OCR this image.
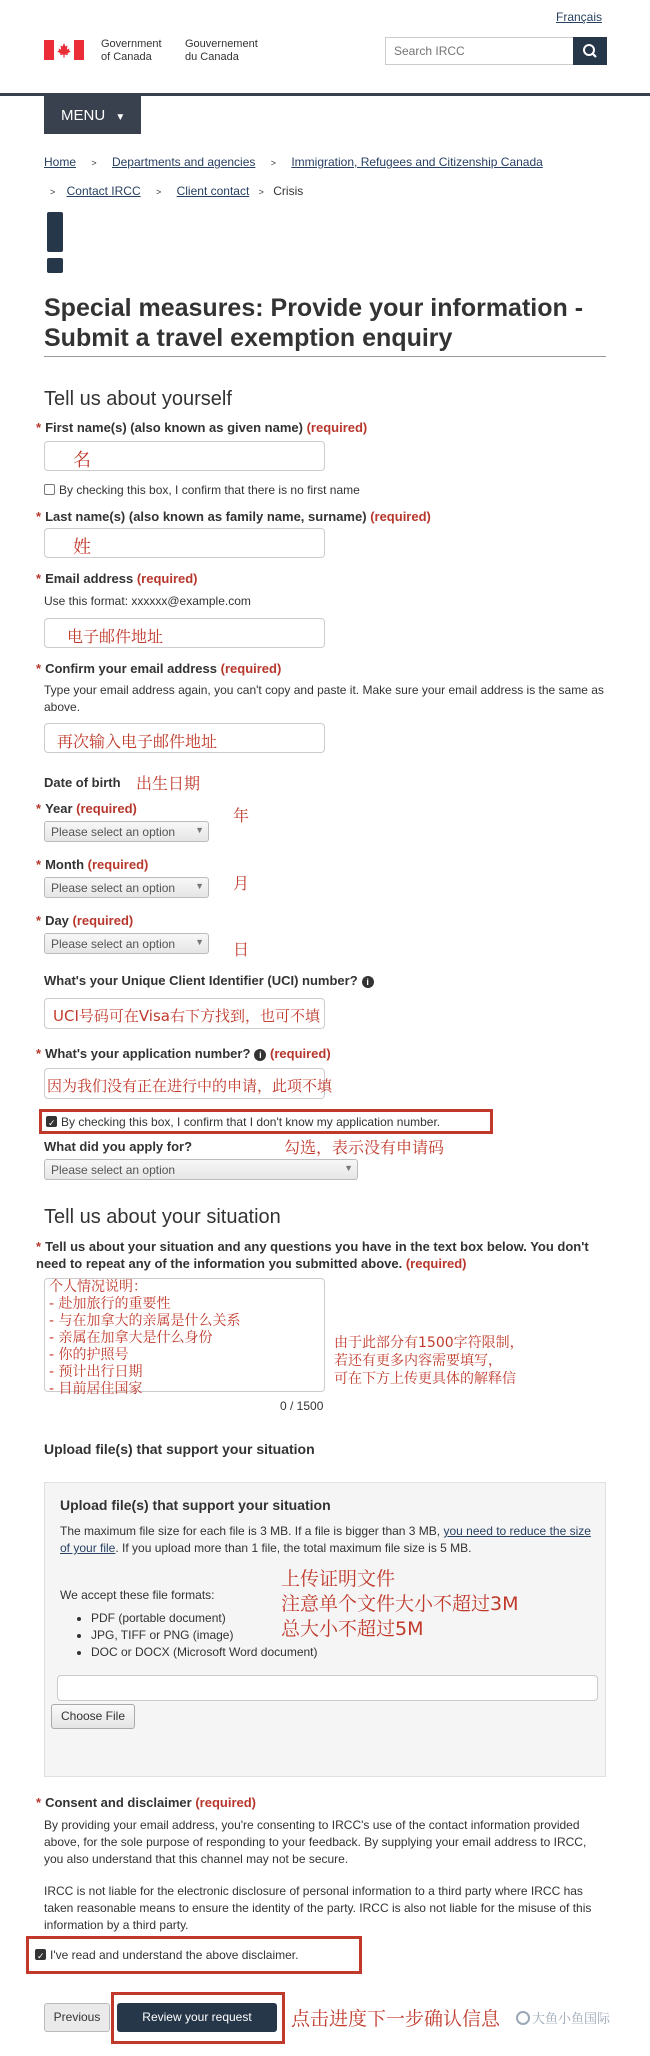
Français
Government
of Canada
Gouvernement
du Canada
Search IRCC
MENU ▼
Home > Departments and agencies > Immigration, Refugees and Citizenship Canada
> Contact IRCC > Client contact > Crisis
Special measures: Provide your information -
Submit a travel exemption enquiry
Tell us about yourself
* First name(s) (also known as given name) (required)
名
By checking this box, I confirm that there is no first name
* Last name(s) (also known as family name, surname) (required)
姓
* Email address (required)
Use this format: xxxxxx@example.com
电子邮件地址
* Confirm your email address (required)
Type your email address again, you can't copy and paste it. Make sure your email address is the same as above.
再次输入电子邮件地址
Date of birth 出生日期
* Year (required)
Please select an option ▼
年
* Month (required)
Please select an option ▼ 月
* Day (required)
Please select an option ▼ 日
What's your Unique Client Identifier (UCI) number? i
UCI号码可在Visa右下方找到，也可不填
* What's your application number? i (required)
因为我们没有正在进行中的申请，此项不填
✓By checking this box, I confirm that I don't know my application number.
What did you apply for?	勾选，表示没有申请码
Please select an option	▼
Tell us about your situation
* Tell us about your situation and any questions you have in the text box below. You don't need to repeat any of the information you submitted above. (required)
个人情况说明：
- 赴加旅行的重要性
- 与在加拿大的亲属是什么关系
- 亲属在加拿大是什么身份
- 你的护照号
- 预计出行日期
- 目前居住国家
0 / 1500
由于此部分有1500字符限制，
若还有更多内容需要填写，
可在下方上传更具体的解释信
Upload file(s) that support your situation
Upload file(s) that support your situation
The maximum file size for each file is 3 MB. If a file is bigger than 3 MB, you need to reduce the size of your file. If you upload more than 1 file, the total maximum file size is 5 MB.
We accept these file formats:
• PDF (portable document)
• JPG, TIFF or PNG (image)
• DOC or DOCX (Microsoft Word document)
Choose File
上传证明文件
注意单个文件大小不超过3M
总大小不超过5M
* Consent and disclaimer (required)
By providing your email address, you're consenting to IRCC's use of the contact information provided above, for the sole purpose of responding to your feedback. By supplying your email address to IRCC, you also understand that this channel may not be secure.
IRCC is not liable for the electronic disclosure of personal information to a third party where IRCC has taken reasonable means to ensure the identity of the party. IRCC is also not liable for the misuse of this information by a third party.
✓I've read and understand the above disclaimer.
Previous	Review your request	点击进度下一步确认信息	大鱼小鱼国际
